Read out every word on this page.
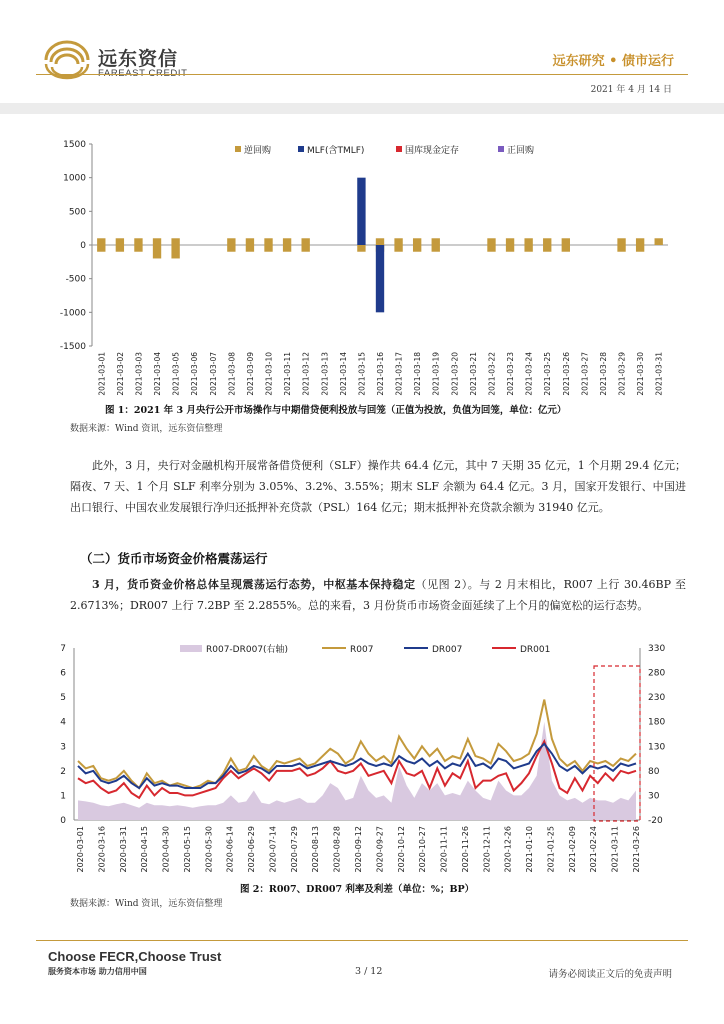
远东资信
FAREAST CREDIT
远东研究 • 债市运行
2021 年 4 月 14 日
1500
1000
500
0
-500
-1000
-1500
2021-03-01 2021-03-02 2021-03-03 2021-03-04 2021-03-05 2021-03-06 2021-03-07 2021-03-08 2021-03-09 2021-03-10 2021-03-11 2021-03-12 2021-03-13 2021-03-14 2021-03-15 2021-03-16 2021-03-17 2021-03-18 2021-03-19 2021-03-20 2021-03-21 2021-03-22 2021-03-23 2021-03-24 2021-03-25 2021-03-26 2021-03-27 2021-03-28 2021-03-29 2021-03-30 2021-03-31
逆回购	MLF(含TMLF)	国库现金定存	正回购
图 1：2021 年 3 月央行公开市场操作与中期借贷便利投放与回笼（正值为投放，负值为回笼，单位：亿元）
数据来源：Wind 资讯，远东资信整理
此外，3 月，央行对金融机构开展常备借贷便利（SLF）操作共 64.4 亿元，其中 7 天期 35 亿元，1 个月期 29.4 亿元；隔夜、7 天、1 个月 SLF 利率分别为 3.05%、3.2%、3.55%；期末 SLF 余额为 64.4 亿元。3 月，国家开发银行、中国进出口银行、中国农业发展银行净归还抵押补充贷款（PSL）164 亿元；期末抵押补充贷款余额为 31940 亿元。
（二）货币市场资金价格震荡运行
3 月，货币资金价格总体呈现震荡运行态势，中枢基本保持稳定（见图 2）。与 2 月末相比，R007 上行 30.46BP 至 2.6713%；DR007 上行 7.2BP 至 2.2855%。总的来看，3 月份货币市场资金面延续了上个月的偏宽松的运行态势。
0
1
2
3
4
5
6
7
-20
30
80
130
180
230
280
330
2020-03-01 2020-03-16 2020-03-31 2020-04-15 2020-04-30 2020-05-15 2020-05-30 2020-06-14 2020-06-29 2020-07-14 2020-07-29 2020-08-13 2020-08-28 2020-09-12 2020-09-27 2020-10-12 2020-10-27 2020-11-11 2020-11-26 2020-12-11 2020-12-26 2021-01-10 2021-01-25 2021-02-09 2021-02-24 2021-03-11 2021-03-26
R007-DR007(右轴)	R007	DR007	DR001
图 2：R007、DR007 利率及利差（单位：%；BP）
数据来源：Wind 资讯，远东资信整理
Choose FECR,Choose Trust
服务资本市场 助力信用中国	3 / 12	请务必阅读正文后的免责声明
